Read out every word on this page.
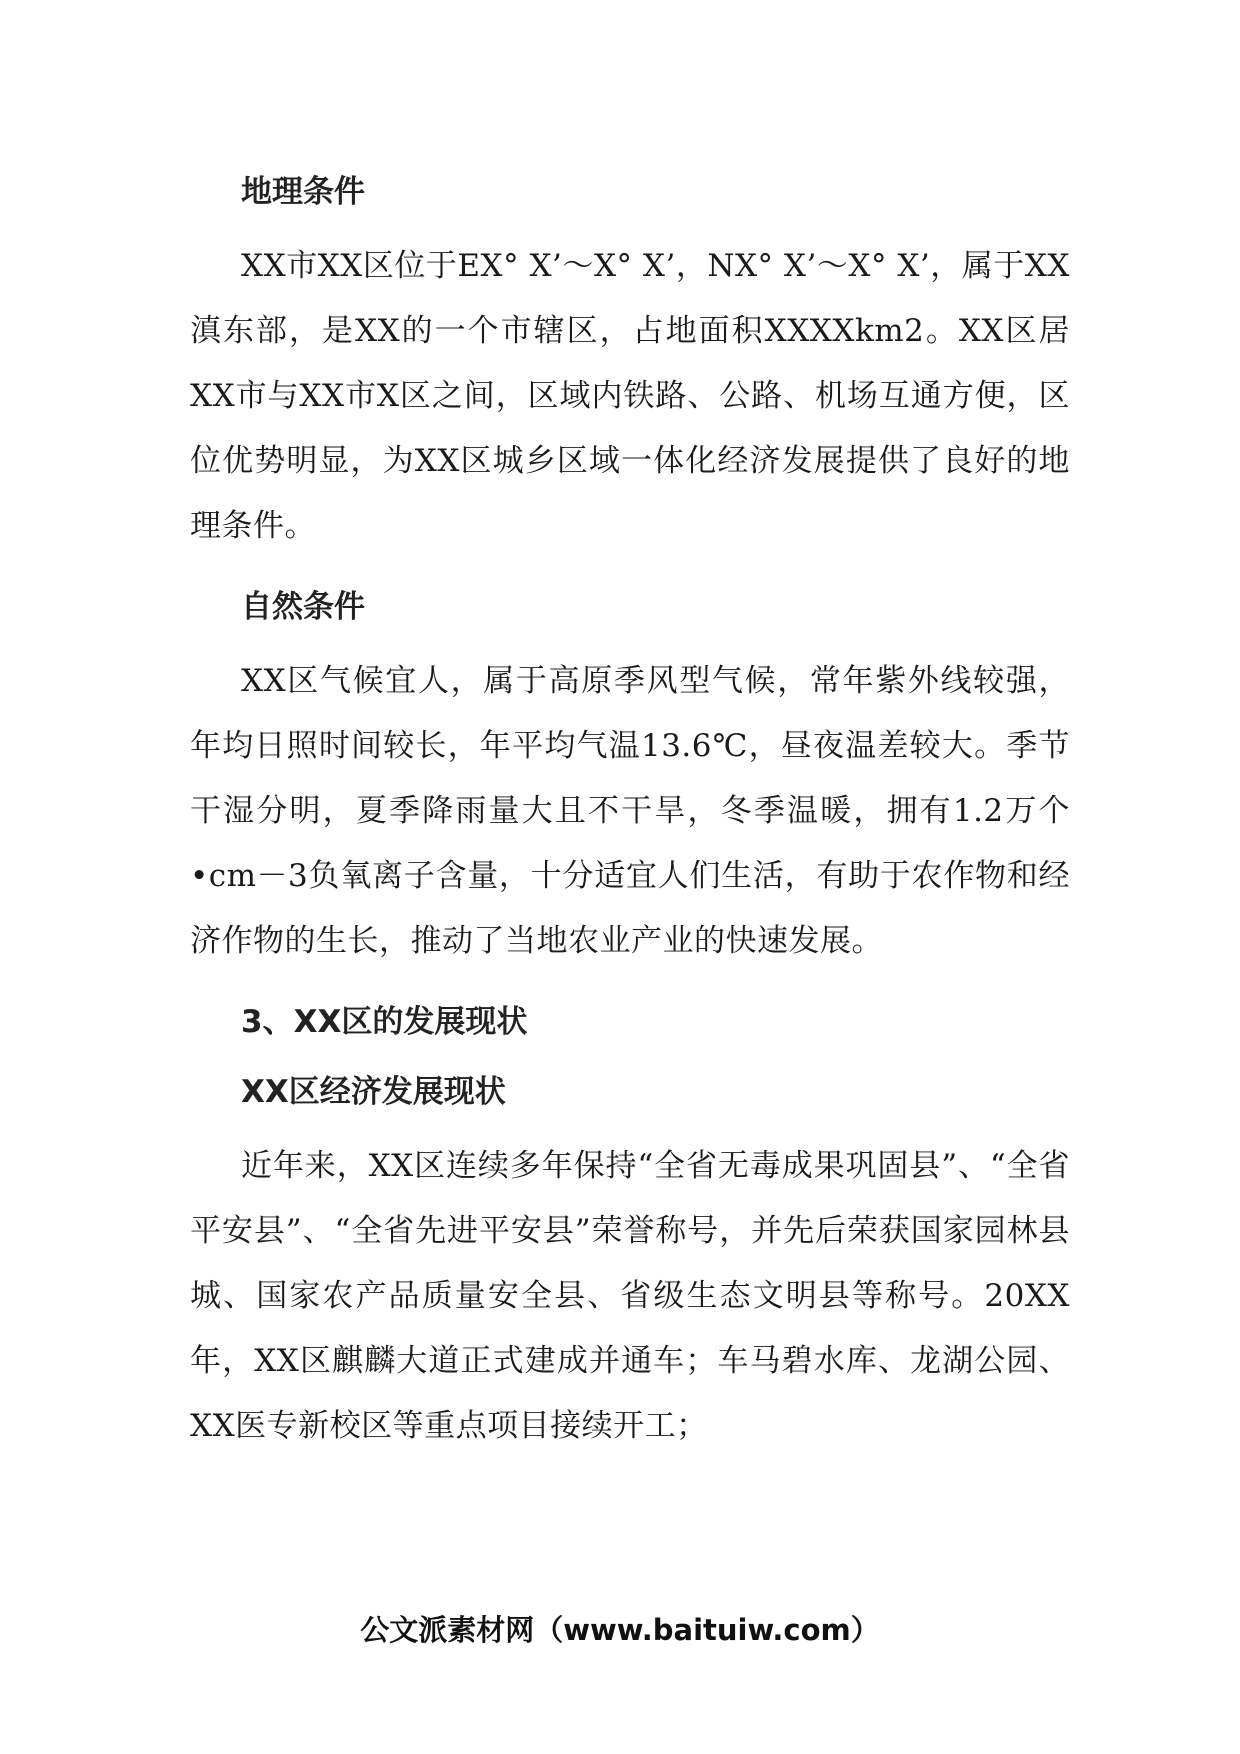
地理条件

XX市XX区位于EX° X’～X° X’，NX° X’～X° X’，属于XX滇东部，是XX的一个市辖区，占地面积XXXXkm2。XX区居XX市与XX市X区之间，区域内铁路、公路、机场互通方便，区位优势明显，为XX区城乡区域一体化经济发展提供了良好的地理条件。

自然条件

XX区气候宜人，属于高原季风型气候，常年紫外线较强，年均日照时间较长，年平均气温13.6℃，昼夜温差较大。季节干湿分明，夏季降雨量大且不干旱，冬季温暖，拥有1.2万个•cm－3负氧离子含量，十分适宜人们生活，有助于农作物和经济作物的生长，推动了当地农业产业的快速发展。

3、XX区的发展现状
XX区经济发展现状

近年来，XX区连续多年保持“全省无毒成果巩固县”、“全省平安县”、“全省先进平安县”荣誉称号，并先后荣获国家园林县城、国家农产品质量安全县、省级生态文明县等称号。20XX年，XX区麒麟大道正式建成并通车；车马碧水库、龙湖公园、XX医专新校区等重点项目接续开工；

公文派素材网（www.baituiw.com）
